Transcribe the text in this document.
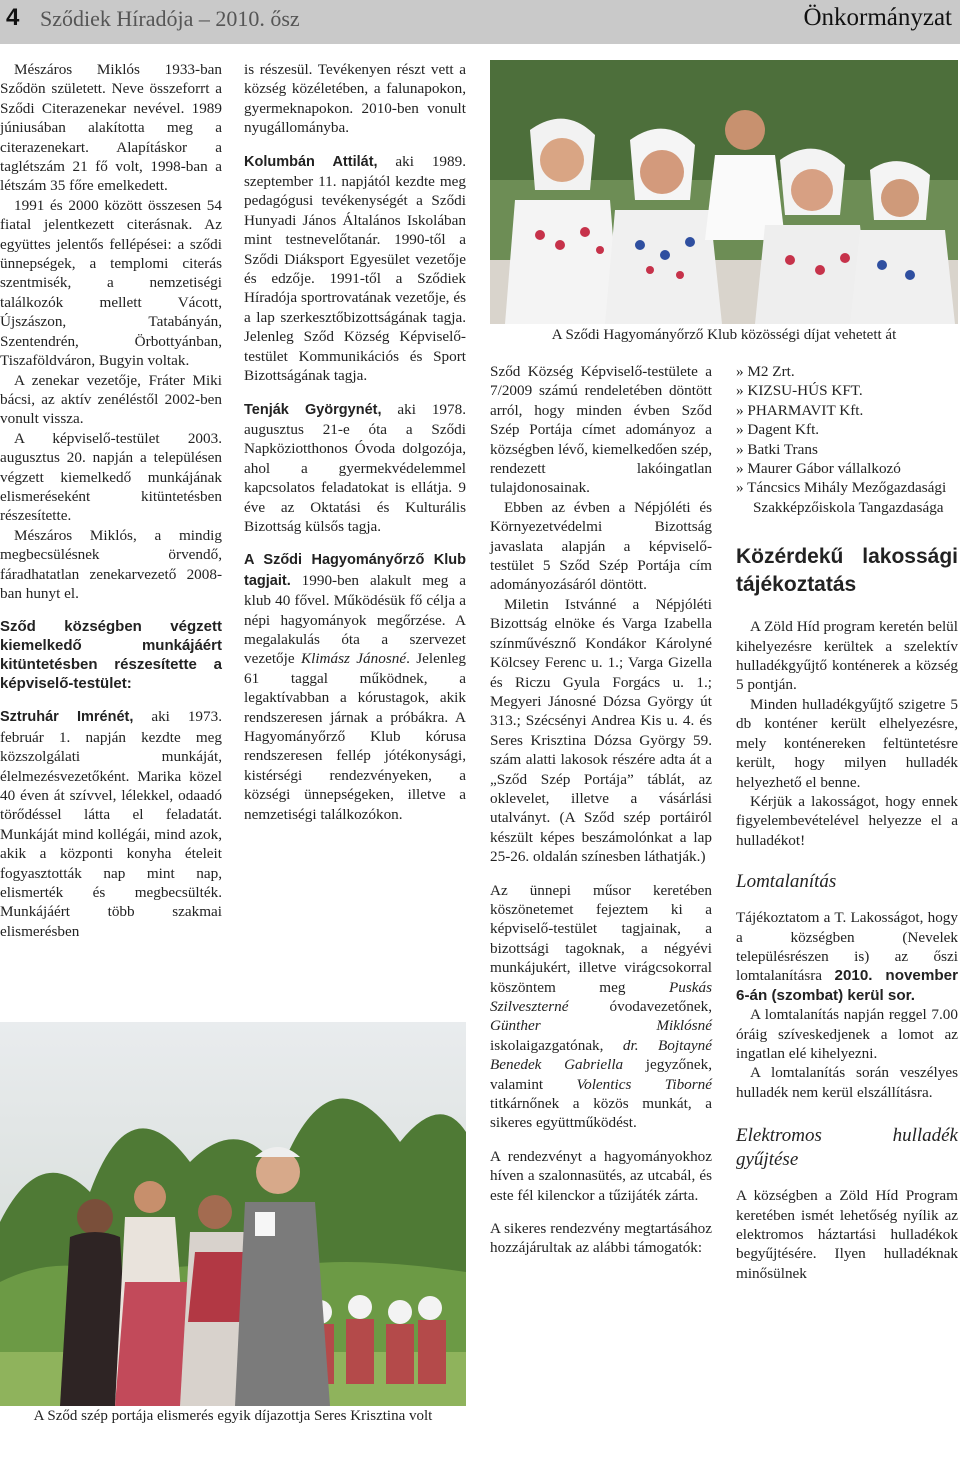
4 Sződiek Híradója – 2010. ősz	Önkormányzat

Mészáros Miklós 1933-ban Sződön született. Neve összeforrt a Sződi Citerazenekar nevével. 1989 júniusában alakította meg a citerazenekart. Alapításkor a taglétszám 21 fő volt, 1998-ban a létszám 35 főre emelkedett.

1991 és 2000 között összesen 54 fiatal jelentkezett citerásnak. Az együttes jelentős fellépései: a sződi ünnepségek, a templomi citerás szentmisék, a nemzetiségi találkozók mellett Vácott, Újszászon, Tatabányán, Szentendrén, Örbottyánban, Tiszaföldváron, Bugyin voltak.

A zenekar vezetője, Fráter Miki bácsi, az aktív zenéléstől 2002-ben vonult vissza.

A képviselő-testület 2003. augusztus 20. napján a településen végzett kiemelkedő munkájának elismeréseként kitüntetésben részesítette.

Mészáros Miklós, a mindig megbecsülésnek örvendő, fáradhatatlan zenekarvezető 2008-ban hunyt el.

Sződ községben végzett kiemelkedő munkájáért kitüntetésben részesítette a képviselő-testület:

Sztruhár Imrénét, aki 1973. február 1. napján kezdte meg közszolgálati munkáját, élelmezésvezetőként. Marika közel 40 éven át szívvel, lélekkel, odaadó törődéssel látta el feladatát. Munkáját mind kollégái, mind azok, akik a központi konyha ételeit fogyasztották nap mint nap, elismerték és megbecsülték. Munkájáért több szakmai elismerésben

A Sződ szép portája elismerés egyik díjazottja Seres Krisztina volt

is részesül. Tevékenyen részt vett a község közéletében, a falunapokon, gyermeknapokon. 2010-ben vonult nyugállományba.

Kolumbán Attilát, aki 1989. szeptember 11. napjától kezdte meg pedagógusi tevékenységét a Sződi Hunyadi János Általános Iskolában mint testnevelőtanár. 1990-től a Sződi Diáksport Egyesület vezetője és edzője. 1991-től a Sződiek Híradója sportrovatának vezetője, és a lap szerkesztőbizottságának tagja. Jelenleg Sződ Község Képviselő-testület Kommunikációs és Sport Bizottságának tagja.

Tenják Györgynét, aki 1978. augusztus 21-e óta a Sződi Napköziotthonos Óvoda dolgozója, ahol a gyermekvédelemmel kapcsolatos feladatokat is ellátja. 9 éve az Oktatási és Kulturális Bizottság külsős tagja.

A Sződi Hagyományőrző Klub tagjait. 1990-ben alakult meg a klub 40 fővel. Működésük fő célja a népi hagyományok megőrzése. A megalakulás óta a szervezet vezetője Klimász Jánosné. Jelenleg 61 taggal működnek, a legaktívabban a kórustagok, akik rendszeresen járnak a próbákra. A Hagyományőrző Klub kórusa rendszeresen fellép jótékonysági, kistérségi rendezvényeken, a községi ünnepségeken, illetve a nemzetiségi találkozókon.

A Sződi Hagyományőrző Klub közösségi díjat vehetett át

Sződ Község Képviselő-testülete a 7/2009 számú rendeletében döntött arról, hogy minden évben Sződ Szép Portája címet adományoz a községben lévő, kiemelkedően szép, rendezett lakóingatlan tulajdonosainak.

Ebben az évben a Népjóléti és Környezetvédelmi Bizottság javaslata alapján a képviselő-testület 5 Sződ Szép Portája cím adományozásáról döntött.

Miletin Istvánné a Népjóléti Bizottság elnöke és Varga Izabella színművésznő Kondákor Károlyné Kölcsey Ferenc u. 1.; Varga Gizella és Riczu Gyula Forgács u. 1.; Megyeri Jánosné Dózsa György út 313.; Szécsényi Andrea Kis u. 4. és Seres Krisztina Dózsa György 59. szám alatti lakosok részére adta át a „Sződ Szép Portája” táblát, az oklevelet, illetve a vásárlási utalványt. (A Sződ szép portáiról készült képes beszámolónkat a lap 25-26. oldalán színesben láthatják.)

Az ünnepi műsor keretében köszönetemet fejeztem ki a képviselő-testület tagjainak, a bizottsági tagoknak, a négyévi munkájukért, illetve virágcsokorral köszöntem meg Puskás Szilveszterné óvodavezetőnek, Günther Miklósné iskolaigazgatónak, dr. Bojtayné Benedek Gabriella jegyzőnek, valamint Volentics Tiborné titkárnőnek a közös munkát, a sikeres együttműködést.

A rendezvényt a hagyományokhoz híven a szalonnasütés, az utcabál, és este fél kilenckor a tűzijáték zárta.

A sikeres rendezvény megtartásához hozzájárultak az alábbi támogatók:

» M2 Zrt.
» KIZSU-HÚS KFT.
» PHARMAVIT Kft.
» Dagent Kft.
» Batki Trans
» Maurer Gábor vállalkozó
» Táncsics Mihály Mezőgazdasági Szakképzőiskola Tangazdasága
Közérdekű lakossági tájékoztatás

A Zöld Híd program keretén belül kihelyezésre kerültek a szelektív hulladékgyűjtő konténerek a község 5 pontján.

Minden hulladékgyűjtő szigetre 5 db konténer került elhelyezésre, mely konténereken feltüntetésre került, hogy milyen hulladék helyezhető el benne.

Kérjük a lakosságot, hogy ennek figyelembevételével helyezze el a hulladékot!

Lomtalanítás

Tájékoztatom a T. Lakosságot, hogy a községben (Nevelek településrészen is) az őszi lomtalanításra 2010. november 6-án (szombat) kerül sor.

A lomtalanítás napján reggel 7.00 óráig szíveskedjenek a lomot az ingatlan elé kihelyezni.

A lomtalanítás során veszélyes hulladék nem kerül elszállításra.

Elektromos hulladék gyűjtése

A községben a Zöld Híd Program keretében ismét lehetőség nyílik az elektromos háztartási hulladékok begyűjtésére. Ilyen hulladéknak minősülnek
